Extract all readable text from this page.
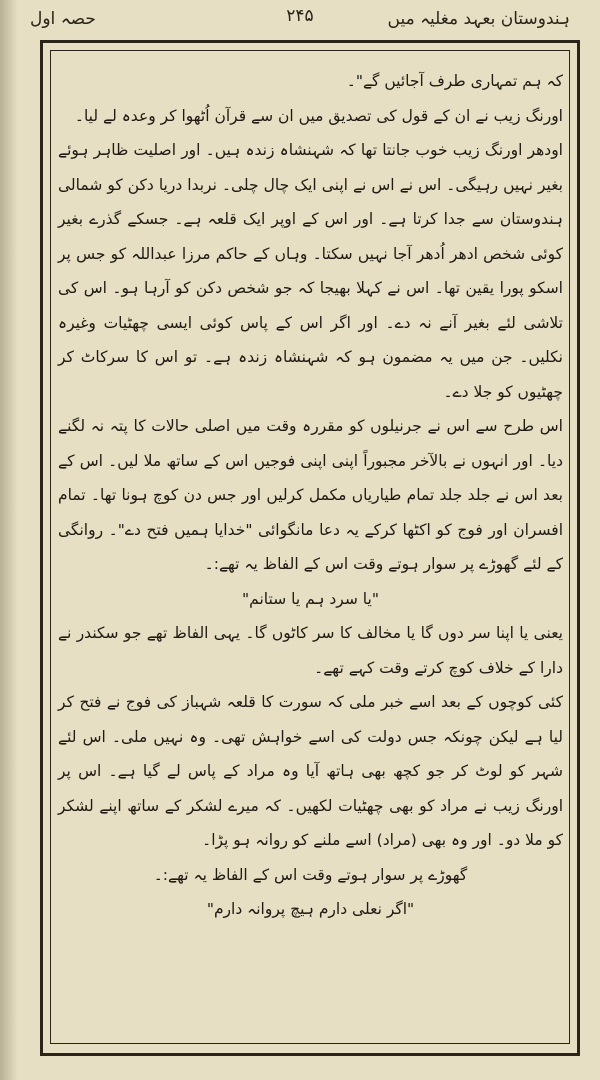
ہندوستان بعہد مغلیہ میں
۲۴۵
حصہ اول

کہ ہم تمہاری طرف آجائیں گے"۔

اورنگ زیب نے ان کے قول کی تصدیق میں ان سے قرآن اُٹھوا کر وعدہ لے لیا۔

اودھر اورنگ زیب خوب جانتا تھا کہ شہنشاہ زندہ ہیں۔ اور اصلیت ظاہر ہوئے بغیر نہیں رہیگی۔ اس نے اس نے اپنی ایک چال چلی۔ نربدا دریا دکن کو شمالی ہندوستان سے جدا کرتا ہے۔ اور اس کے اوپر ایک قلعہ ہے۔ جسکے گذرے بغیر کوئی شخص ادھر اُدھر آجا نہیں سکتا۔ وہاں کے حاکم مرزا عبداللہ کو جس پر اسکو پورا یقین تھا۔ اس نے کہلا بھیجا کہ جو شخص دکن کو آرہا ہو۔ اس کی تلاشی لئے بغیر آنے نہ دے۔ اور اگر اس کے پاس کوئی ایسی چھٹیات وغیرہ نکلیں۔ جن میں یہ مضمون ہو کہ شہنشاہ زندہ ہے۔ تو اس کا سرکاٹ کر چھٹیوں کو جلا دے۔

اس طرح سے اس نے جرنیلوں کو مقررہ وقت میں اصلی حالات کا پتہ نہ لگنے دیا۔ اور انہوں نے بالآخر مجبوراً اپنی اپنی فوجیں اس کے ساتھ ملا لیں۔ اس کے بعد اس نے جلد جلد تمام طیاریاں مکمل کرلیں اور جس دن کوچ ہونا تھا۔ تمام افسران اور فوج کو اکٹھا کرکے یہ دعا مانگوائی "خدایا ہمیں فتح دے"۔ روانگی کے لئے گھوڑے پر سوار ہوتے وقت اس کے الفاظ یہ تھے:۔

"یا سرد ہم یا ستانم"

یعنی یا اپنا سر دوں گا یا مخالف کا سر کاٹوں گا۔ یہی الفاظ تھے جو سکندر نے دارا کے خلاف کوچ کرتے وقت کہے تھے۔

کئی کوچوں کے بعد اسے خبر ملی کہ سورت کا قلعہ شہباز کی فوج نے فتح کر لیا ہے لیکن چونکہ جس دولت کی اسے خواہش تھی۔ وہ نہیں ملی۔ اس لئے شہر کو لوٹ کر جو کچھ بھی ہاتھ آیا وہ مراد کے پاس لے گیا ہے۔ اس پر اورنگ زیب نے مراد کو بھی چھٹیات لکھیں۔ کہ میرے لشکر کے ساتھ اپنے لشکر کو ملا دو۔ اور وہ بھی (مراد) اسے ملنے کو روانہ ہو پڑا۔

گھوڑے پر سوار ہوتے وقت اس کے الفاظ یہ تھے:۔

"اگر نعلی دارم ہیچ پروانہ دارم"
